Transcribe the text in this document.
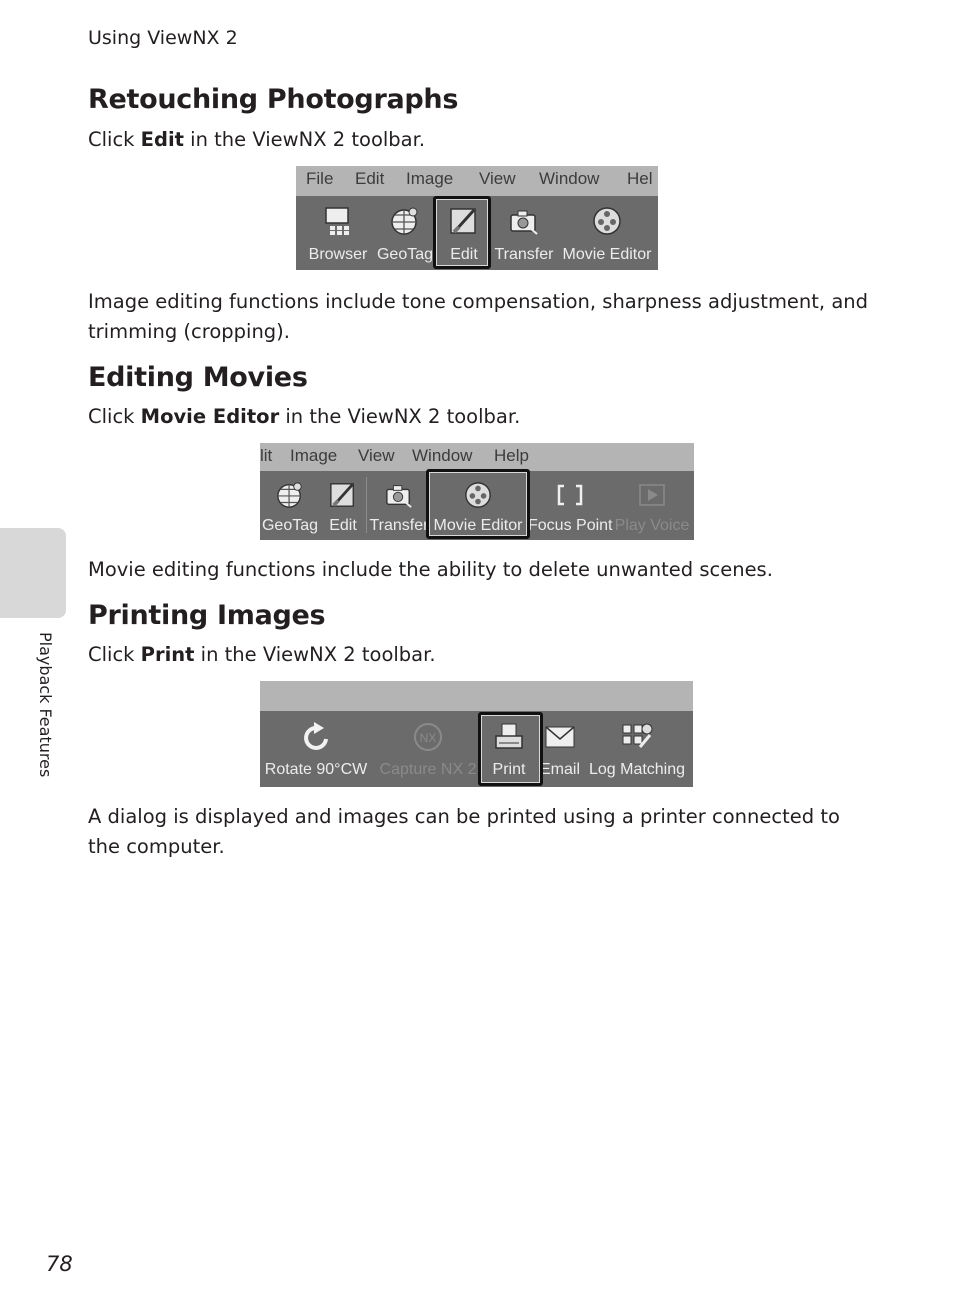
Using ViewNX 2
Retouching Photographs
Click Edit in the ViewNX 2 toolbar.
File Edit Image View Window Hel
Browser GeoTag	Edit	Transfer Movie Editor
Image editing functions include tone compensation, sharpness adjustment, and trimming (cropping).
Editing Movies
Click Movie Editor in the ViewNX 2 toolbar.
lit Image View Window Help
GeoTag Edit Transfer Movie Editor Focus Point Play Voice
Movie editing functions include the ability to delete unwanted scenes.
Printing Images
Click Print in the ViewNX 2 toolbar.
Rotate 90°CW
NX
Capture NX 2	Print Email Log Matching
A dialog is displayed and images can be printed using a printer connected to the computer.
Playback Features
78
